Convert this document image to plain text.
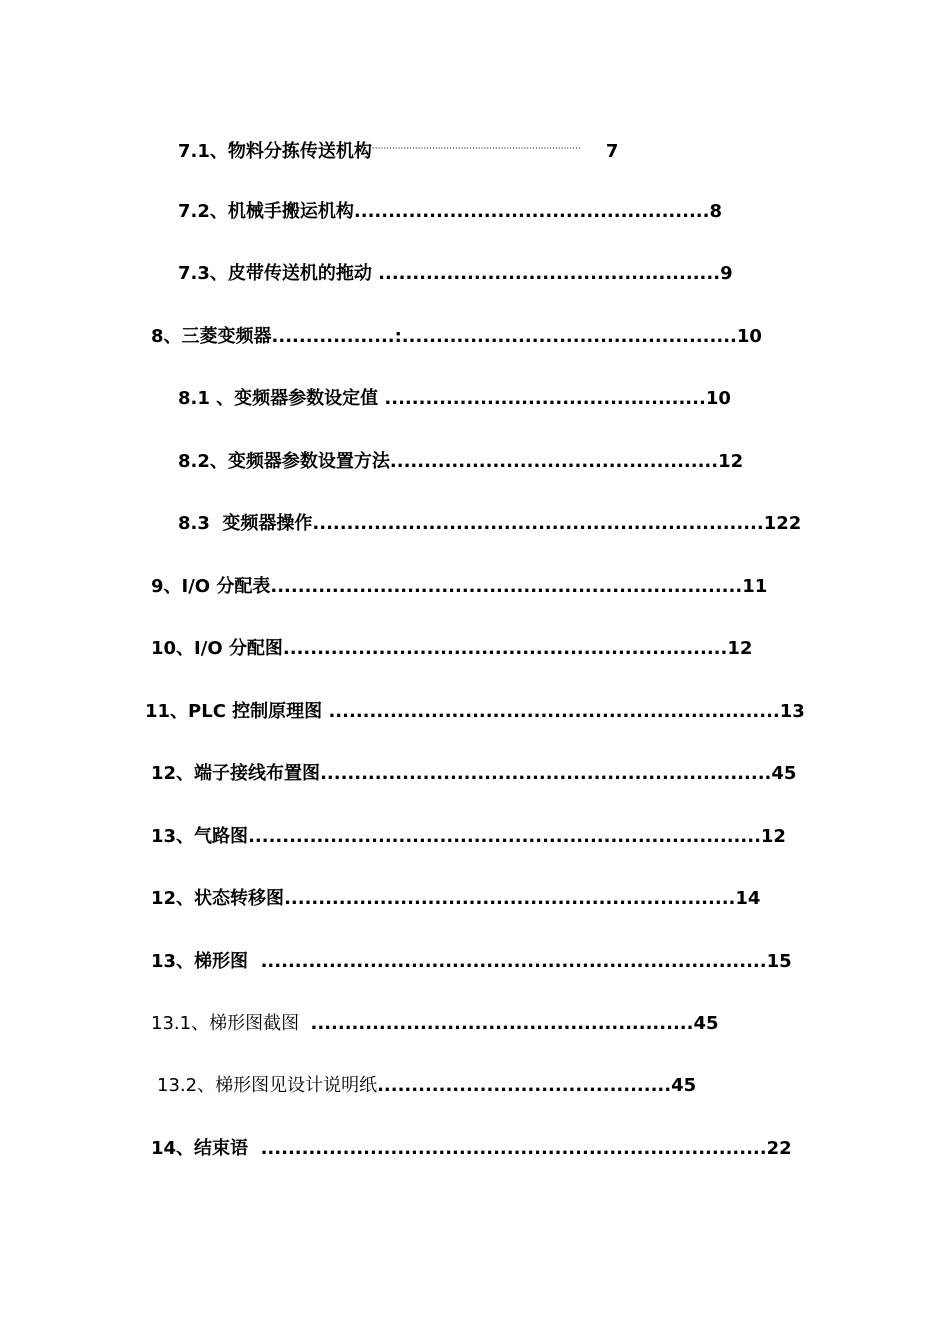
7.1、物料分拣传送机构········································································· 7
7.2、机械手搬运机构....................................................8
7.3、皮带传送机的拖动 ..................................................9
8、三菱变频器..................:.................................................10
8.1 、变频器参数设定值 ...............................................10
8.2、变频器参数设置方法................................................12
8.3  变频器操作..................................................................122
9、I/O 分配表.....................................................................11
10、I/O 分配图.................................................................12
11、PLC 控制原理图 ..................................................................13
12、端子接线布置图..................................................................45
13、气路图...........................................................................12
12、状态转移图..................................................................14
13、梯形图  ..........................................................................15
13.1、梯形图截图  ........................................................45
13.2、梯形图见设计说明纸...........................................45
14、结束语  ..........................................................................22
